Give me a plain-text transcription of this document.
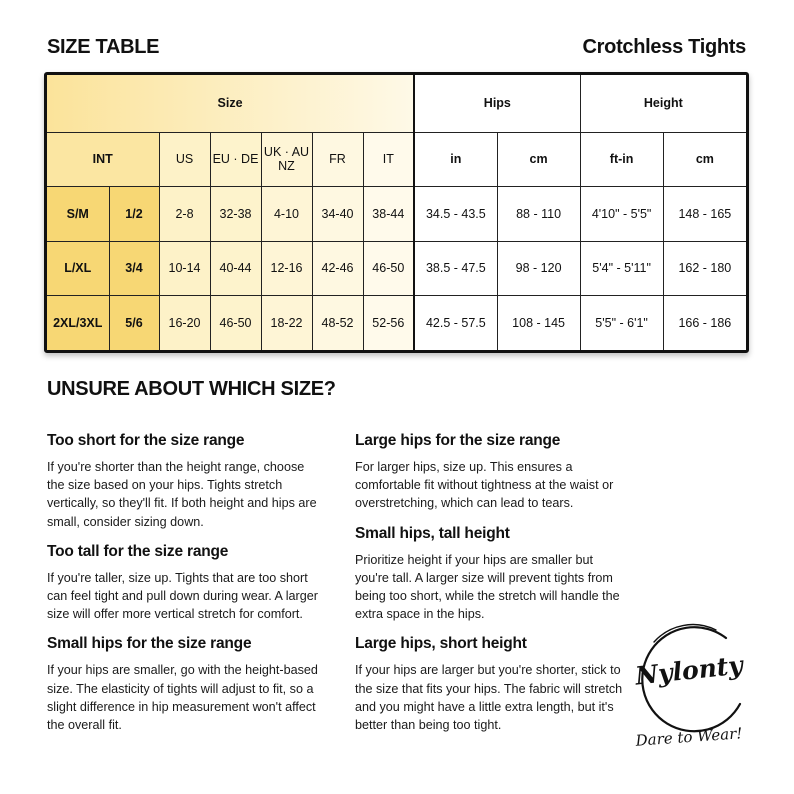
SIZE TABLE	Crotchless Tights
Size							Hips		Height	
INT		US	EU · DE	UK · AU NZ	FR	IT	in	cm	ft-in	cm
S/M	1/2	2-8	32-38	4-10	34-40	38-44	34.5 - 43.5	88 - 110	4'10" - 5'5"	148 - 165
L/XL	3/4	10-14	40-44	12-16	42-46	46-50	38.5 - 47.5	98 - 120	5'4" - 5'11"	162 - 180
2XL/3XL	5/6	16-20	46-50	18-22	48-52	52-56	42.5 - 57.5	108 - 145	5'5" - 6'1"	166 - 186
UNSURE ABOUT WHICH SIZE?
Too short for the size range

If you're shorter than the height range, choose the size based on your hips. Tights stretch vertically, so they'll fit. If both height and hips are small, consider sizing down.

Too tall for the size range

If you're taller, size up. Tights that are too short can feel tight and pull down during wear. A larger size will offer more vertical stretch for comfort.

Small hips for the size range

If your hips are smaller, go with the height-based size. The elasticity of tights will adjust to fit, so a slight difference in hip measurement won't affect the overall fit.

Large hips for the size range

For larger hips, size up. This ensures a comfortable fit without tightness at the waist or overstretching, which can lead to tears.

Small hips, tall height

Prioritize height if your hips are smaller but you're tall. A larger size will prevent tights from being too short, while the stretch will handle the extra space in the hips.

Large hips, short height

If your hips are larger but you're shorter, stick to the size that fits your hips. The fabric will stretch and you might have a little extra length, but it's better than being too tight.

Nylonty
Dare to Wear!
